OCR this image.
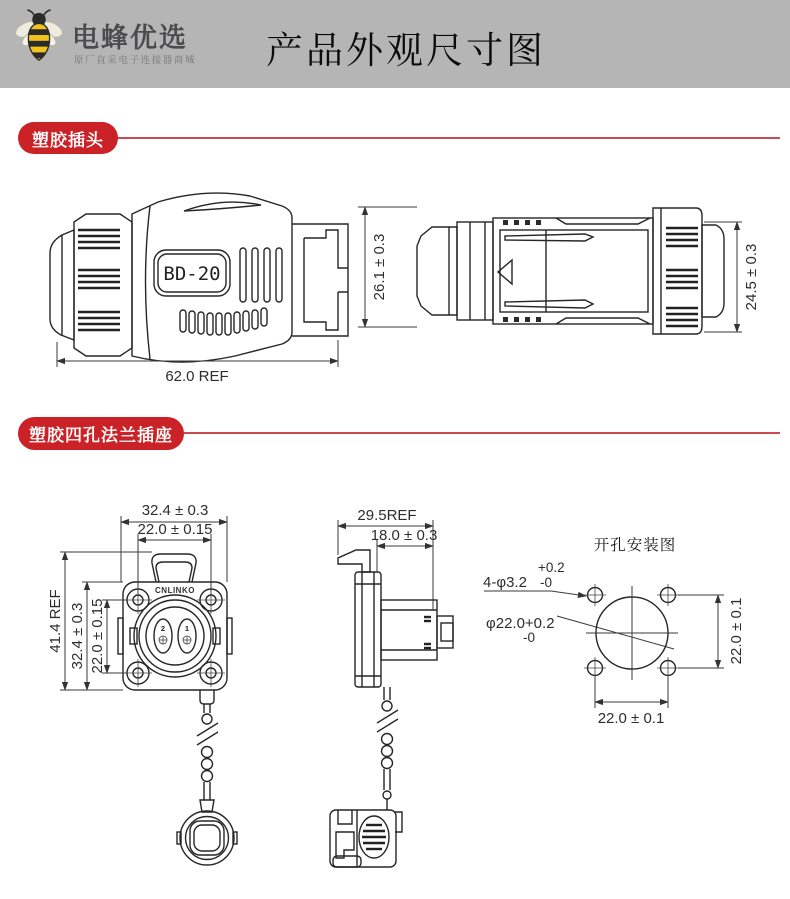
电蜂优选
原厂直采电子连接器商城 产品外观尺寸图
塑胶插头
BD-20
62.0 REF
26.1 ± 0.3	24.5 ± 0.3
塑胶四孔法兰插座
32.4 ± 0.3
22.0 ± 0.15
CNLINKO
2	1
41.4 REF 32.4 ± 0.3 22.0 ± 0.15
29.5REF
18.0 ± 0.3
开孔安装图
+0.2
4-φ3.2 -0
φ22.0+0.2
-0	22.0 ± 0.1
22.0 ± 0.1
